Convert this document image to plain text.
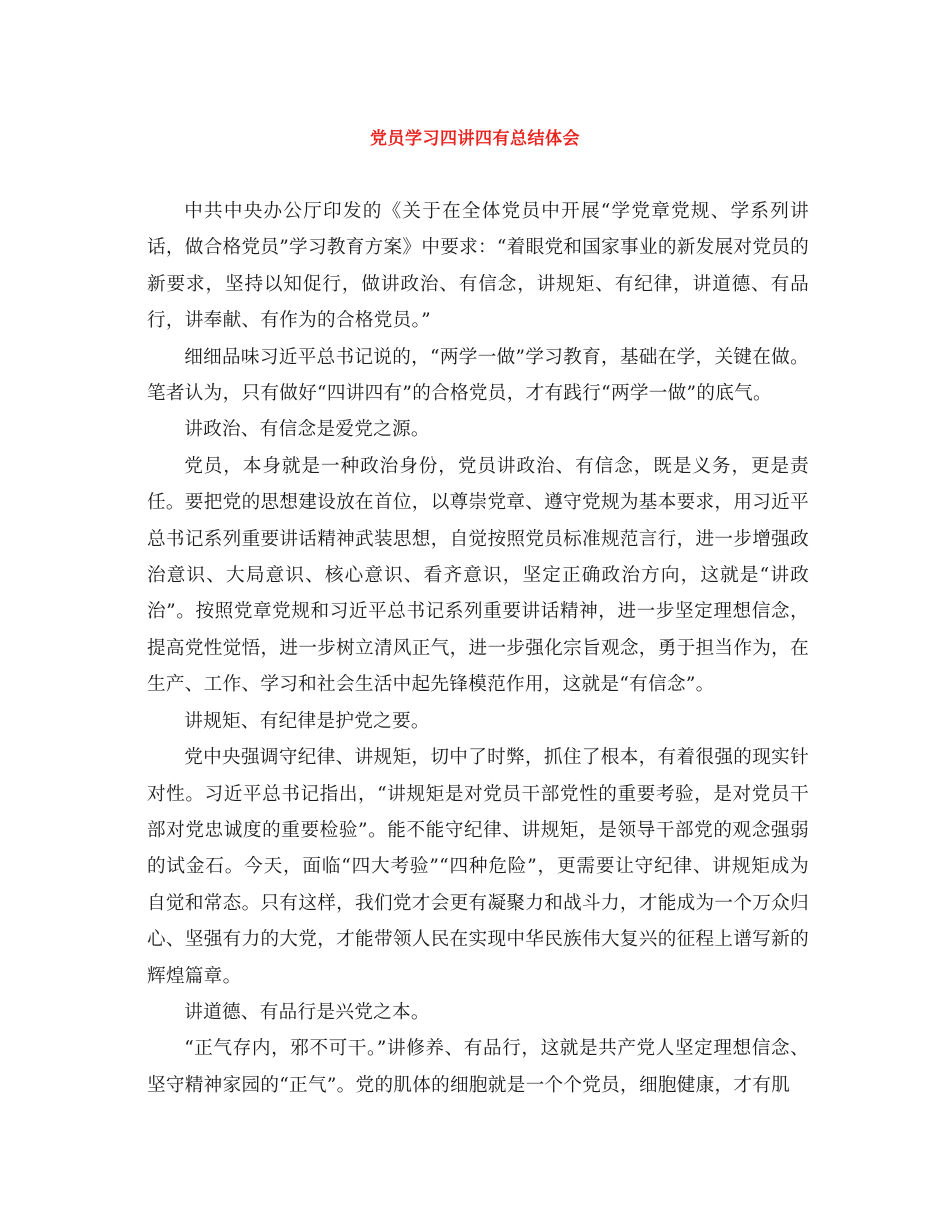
党员学习四讲四有总结体会

中共中央办公厅印发的《关于在全体党员中开展“学党章党规、学系列讲话，做合格党员”学习教育方案》中要求：“着眼党和国家事业的新发展对党员的新要求，坚持以知促行，做讲政治、有信念，讲规矩、有纪律，讲道德、有品行，讲奉献、有作为的合格党员。”

细细品味习近平总书记说的，“两学一做”学习教育，基础在学，关键在做。笔者认为，只有做好“四讲四有”的合格党员，才有践行“两学一做”的底气。

讲政治、有信念是爱党之源。

党员，本身就是一种政治身份，党员讲政治、有信念，既是义务，更是责任。要把党的思想建设放在首位，以尊崇党章、遵守党规为基本要求，用习近平总书记系列重要讲话精神武装思想，自觉按照党员标准规范言行，进一步增强政治意识、大局意识、核心意识、看齐意识，坚定正确政治方向，这就是“讲政治”。按照党章党规和习近平总书记系列重要讲话精神，进一步坚定理想信念，提高党性觉悟，进一步树立清风正气，进一步强化宗旨观念，勇于担当作为，在生产、工作、学习和社会生活中起先锋模范作用，这就是“有信念”。

讲规矩、有纪律是护党之要。

党中央强调守纪律、讲规矩，切中了时弊，抓住了根本，有着很强的现实针对性。习近平总书记指出，“讲规矩是对党员干部党性的重要考验，是对党员干部对党忠诚度的重要检验”。能不能守纪律、讲规矩，是领导干部党的观念强弱的试金石。今天，面临“四大考验”“四种危险”，更需要让守纪律、讲规矩成为自觉和常态。只有这样，我们党才会更有凝聚力和战斗力，才能成为一个万众归心、坚强有力的大党，才能带领人民在实现中华民族伟大复兴的征程上谱写新的辉煌篇章。

讲道德、有品行是兴党之本。

“正气存内，邪不可干。”讲修养、有品行，这就是共产党人坚定理想信念、坚守精神家园的“正气”。党的肌体的细胞就是一个个党员，细胞健康，才有肌
